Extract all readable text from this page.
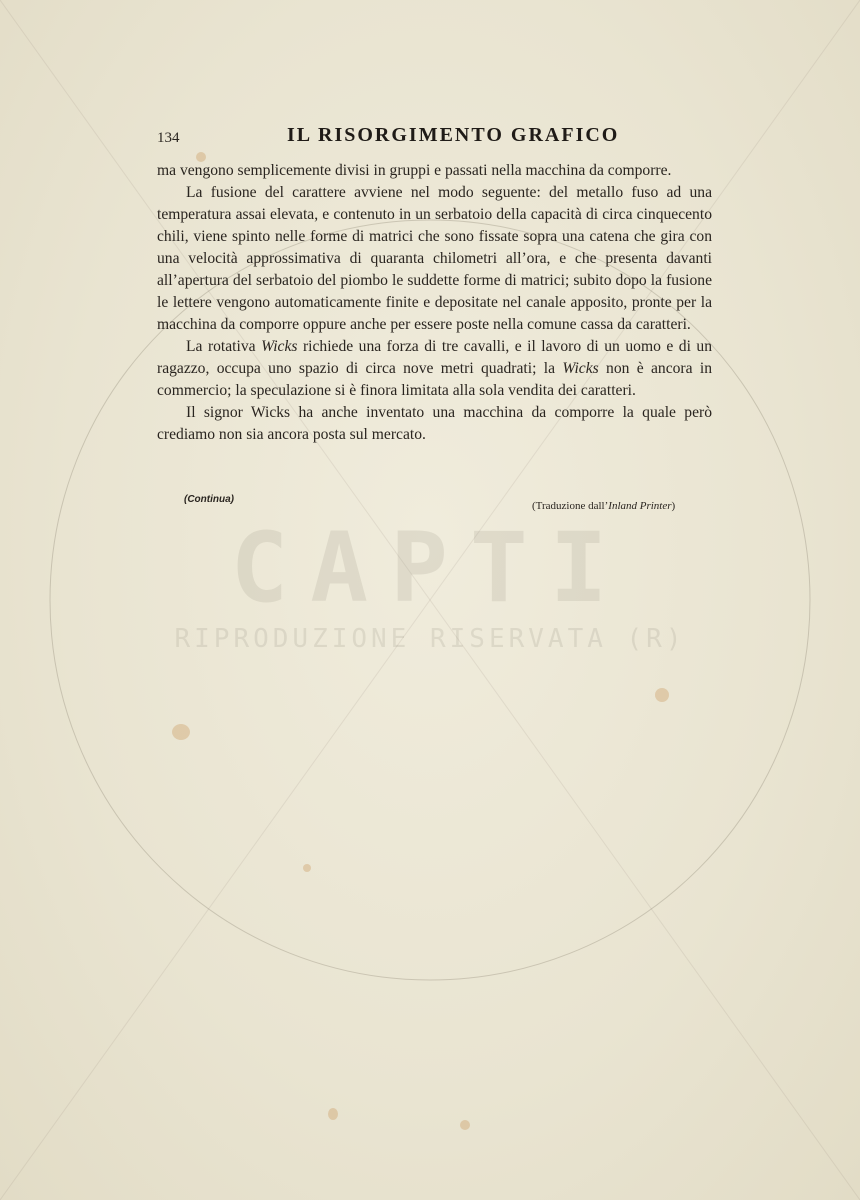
134	IL RISORGIMENTO GRAFICO

ma vengono semplicemente divisi in gruppi e passati nella macchina da comporre.

La fusione del carattere avviene nel modo seguente: del metallo fuso ad una temperatura assai elevata, e contenuto in un serbatoio della capacità di circa cinquecento chili, viene spinto nelle forme di matrici che sono fissate sopra una catena che gira con una velocità approssimativa di quaranta chilometri all’ora, e che presenta davanti all’apertura del serbatoio del piombo le suddette forme di matrici; subito dopo la fusione le lettere vengono automaticamente finite e depositate nel canale apposito, pronte per la macchina da comporre oppure anche per essere poste nella comune cassa da caratteri.

La rotativa Wicks richiede una forza di tre cavalli, e il lavoro di un uomo e di un ragazzo, occupa uno spazio di circa nove metri quadrati; la Wicks non è ancora in commercio; la speculazione si è finora limitata alla sola vendita dei caratteri.

Il signor Wicks ha anche inventato una macchina da comporre la quale però crediamo non sia ancora posta sul mercato.

(Continua)
(Traduzione dall’Inland Printer)
CAPTI
RIPRODUZIONE RISERVATA (R)
